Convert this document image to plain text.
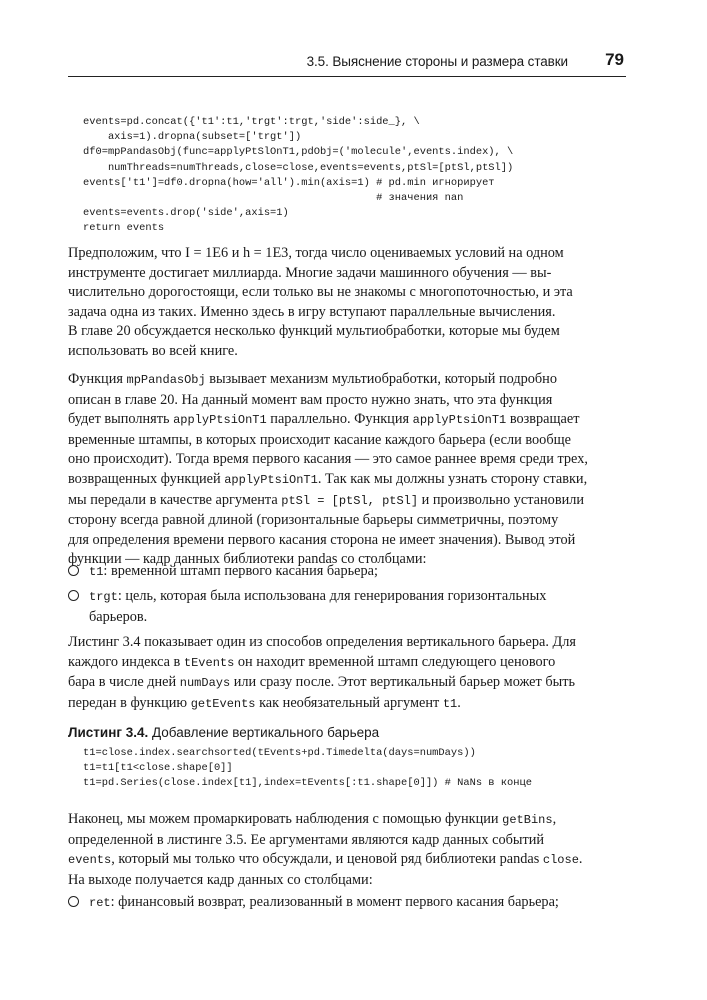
3.5. Выяснение стороны и размера ставки 79
events=pd.concat({'t1':t1,'trgt':trgt,'side':side_}, \
axis=1).dropna(subset=['trgt'])
df0=mpPandasObj(func=applyPtSlOnT1,pdObj=('molecule',events.index), \
numThreads=numThreads,close=close,events=events,ptSl=[ptSl,ptSl])
events['t1']=df0.dropna(how='all').min(axis=1) # pd.min игнорирует
# значения nan
events=events.drop('side',axis=1)
return events
Предположим, что I = 1E6 и h = 1E3, тогда число оцениваемых условий на одном
инструменте достигает миллиарда. Многие задачи машинного обучения — вы-
числительно дорогостоящи, если только вы не знакомы с многопоточностью, и эта
задача одна из таких. Именно здесь в игру вступают параллельные вычисления.
В главе 20 обсуждается несколько функций мультиобработки, которые мы будем
использовать во всей книге.
Функция mpPandasObj вызывает механизм мультиобработки, который подробно
описан в главе 20. На данный момент вам просто нужно знать, что эта функция
будет выполнять applyPtsiOnT1 параллельно. Функция applyPtsiOnT1 возвращает
временные штампы, в которых происходит касание каждого барьера (если вообще
оно происходит). Тогда время первого касания — это самое раннее время среди трех,
возвращенных функцией applyPtsiOnT1. Так как мы должны узнать сторону ставки,
мы передали в качестве аргумента ptSl = [ptSl, ptSl] и произвольно установили
сторону всегда равной длиной (горизонтальные барьеры симметричны, поэтому
для определения времени первого касания сторона не имеет значения). Вывод этой
функции — кадр данных библиотеки pandas со столбцами:
t1: временной штамп первого касания барьера;
trgt: цель, которая была использована для генерирования горизонтальных
барьеров.
Листинг 3.4 показывает один из способов определения вертикального барьера. Для
каждого индекса в tEvents он находит временной штамп следующего ценового
бара в числе дней numDays или сразу после. Этот вертикальный барьер может быть
передан в функцию getEvents как необязательный аргумент t1.

Листинг 3.4. Добавление вертикального барьера

t1=close.index.searchsorted(tEvents+pd.Timedelta(days=numDays))
t1=t1[t1<close.shape[0]]
t1=pd.Series(close.index[t1],index=tEvents[:t1.shape[0]]) # NaNs в конце
Наконец, мы можем промаркировать наблюдения с помощью функции getBins,
определенной в листинге 3.5. Ее аргументами являются кадр данных событий
events, который мы только что обсуждали, и ценовой ряд библиотеки pandas close.
На выходе получается кадр данных со столбцами:
ret: финансовый возврат, реализованный в момент первого касания барьера;
